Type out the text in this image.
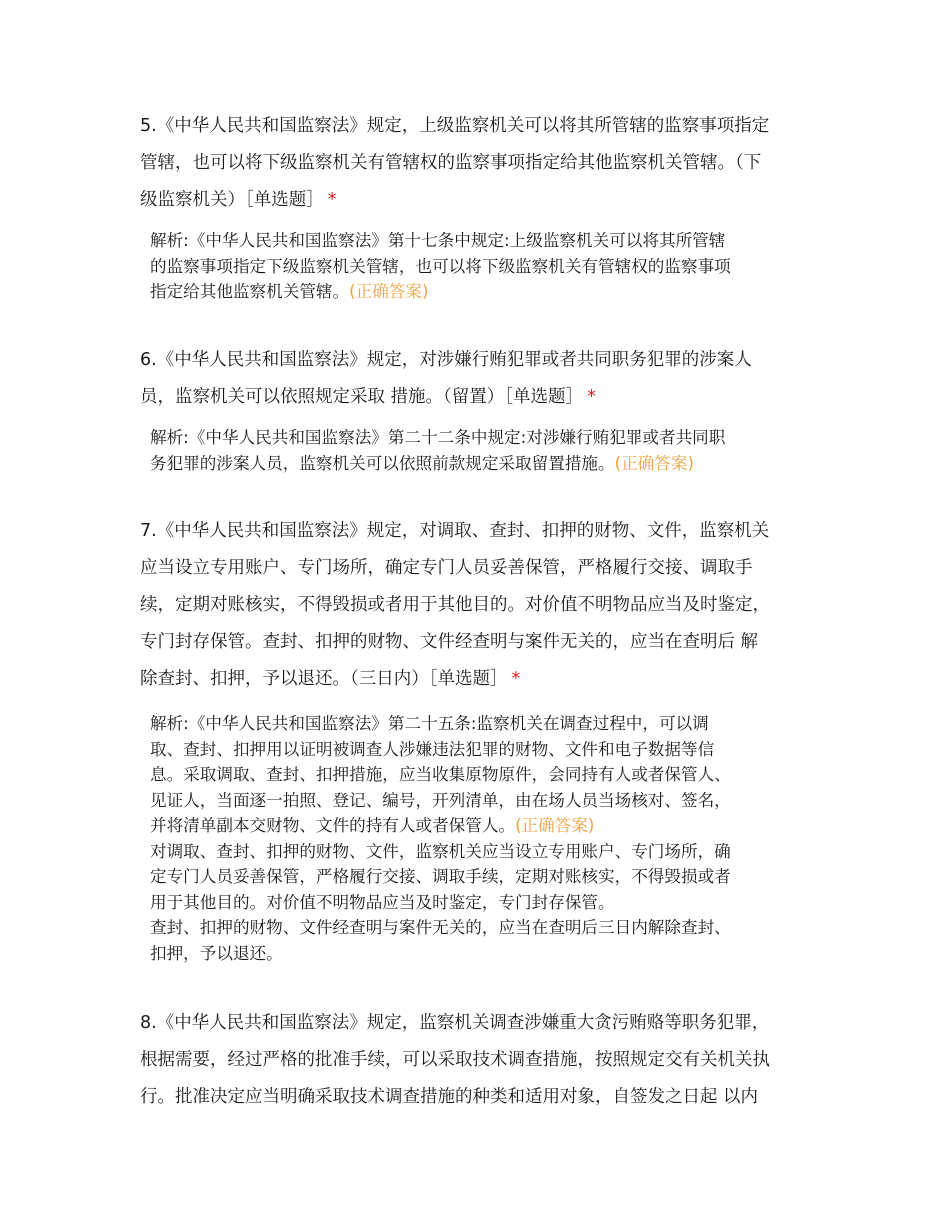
5.《中华人民共和国监察法》规定，上级监察机关可以将其所管辖的监察事项指定
管辖，也可以将下级监察机关有管辖权的监察事项指定给其他监察机关管辖。（下
级监察机关）［单选题］ *
解析:《中华人民共和国监察法》第十七条中规定:上级监察机关可以将其所管辖
的监察事项指定下级监察机关管辖，也可以将下级监察机关有管辖权的监察事项
指定给其他监察机关管辖。(正确答案)
6.《中华人民共和国监察法》规定，对涉嫌行贿犯罪或者共同职务犯罪的涉案人
员，监察机关可以依照规定采取 措施。（留置）［单选题］ *
解析:《中华人民共和国监察法》第二十二条中规定:对涉嫌行贿犯罪或者共同职
务犯罪的涉案人员，监察机关可以依照前款规定采取留置措施。(正确答案)
7.《中华人民共和国监察法》规定，对调取、查封、扣押的财物、文件，监察机关
应当设立专用账户、专门场所，确定专门人员妥善保管，严格履行交接、调取手
续，定期对账核实，不得毁损或者用于其他目的。对价值不明物品应当及时鉴定，
专门封存保管。查封、扣押的财物、文件经查明与案件无关的，应当在查明后 解
除查封、扣押，予以退还。（三日内）［单选题］ *
解析:《中华人民共和国监察法》第二十五条:监察机关在调查过程中，可以调
取、查封、扣押用以证明被调查人涉嫌违法犯罪的财物、文件和电子数据等信
息。采取调取、查封、扣押措施，应当收集原物原件，会同持有人或者保管人、
见证人，当面逐一拍照、登记、编号，开列清单，由在场人员当场核对、签名，
并将清单副本交财物、文件的持有人或者保管人。(正确答案)
对调取、查封、扣押的财物、文件，监察机关应当设立专用账户、专门场所，确
定专门人员妥善保管，严格履行交接、调取手续，定期对账核实，不得毁损或者
用于其他目的。对价值不明物品应当及时鉴定，专门封存保管。
查封、扣押的财物、文件经查明与案件无关的，应当在查明后三日内解除查封、
扣押，予以退还。
8.《中华人民共和国监察法》规定，监察机关调查涉嫌重大贪污贿赂等职务犯罪，
根据需要，经过严格的批准手续，可以采取技术调查措施，按照规定交有关机关执
行。批准决定应当明确采取技术调查措施的种类和适用对象，自签发之日起 以内
